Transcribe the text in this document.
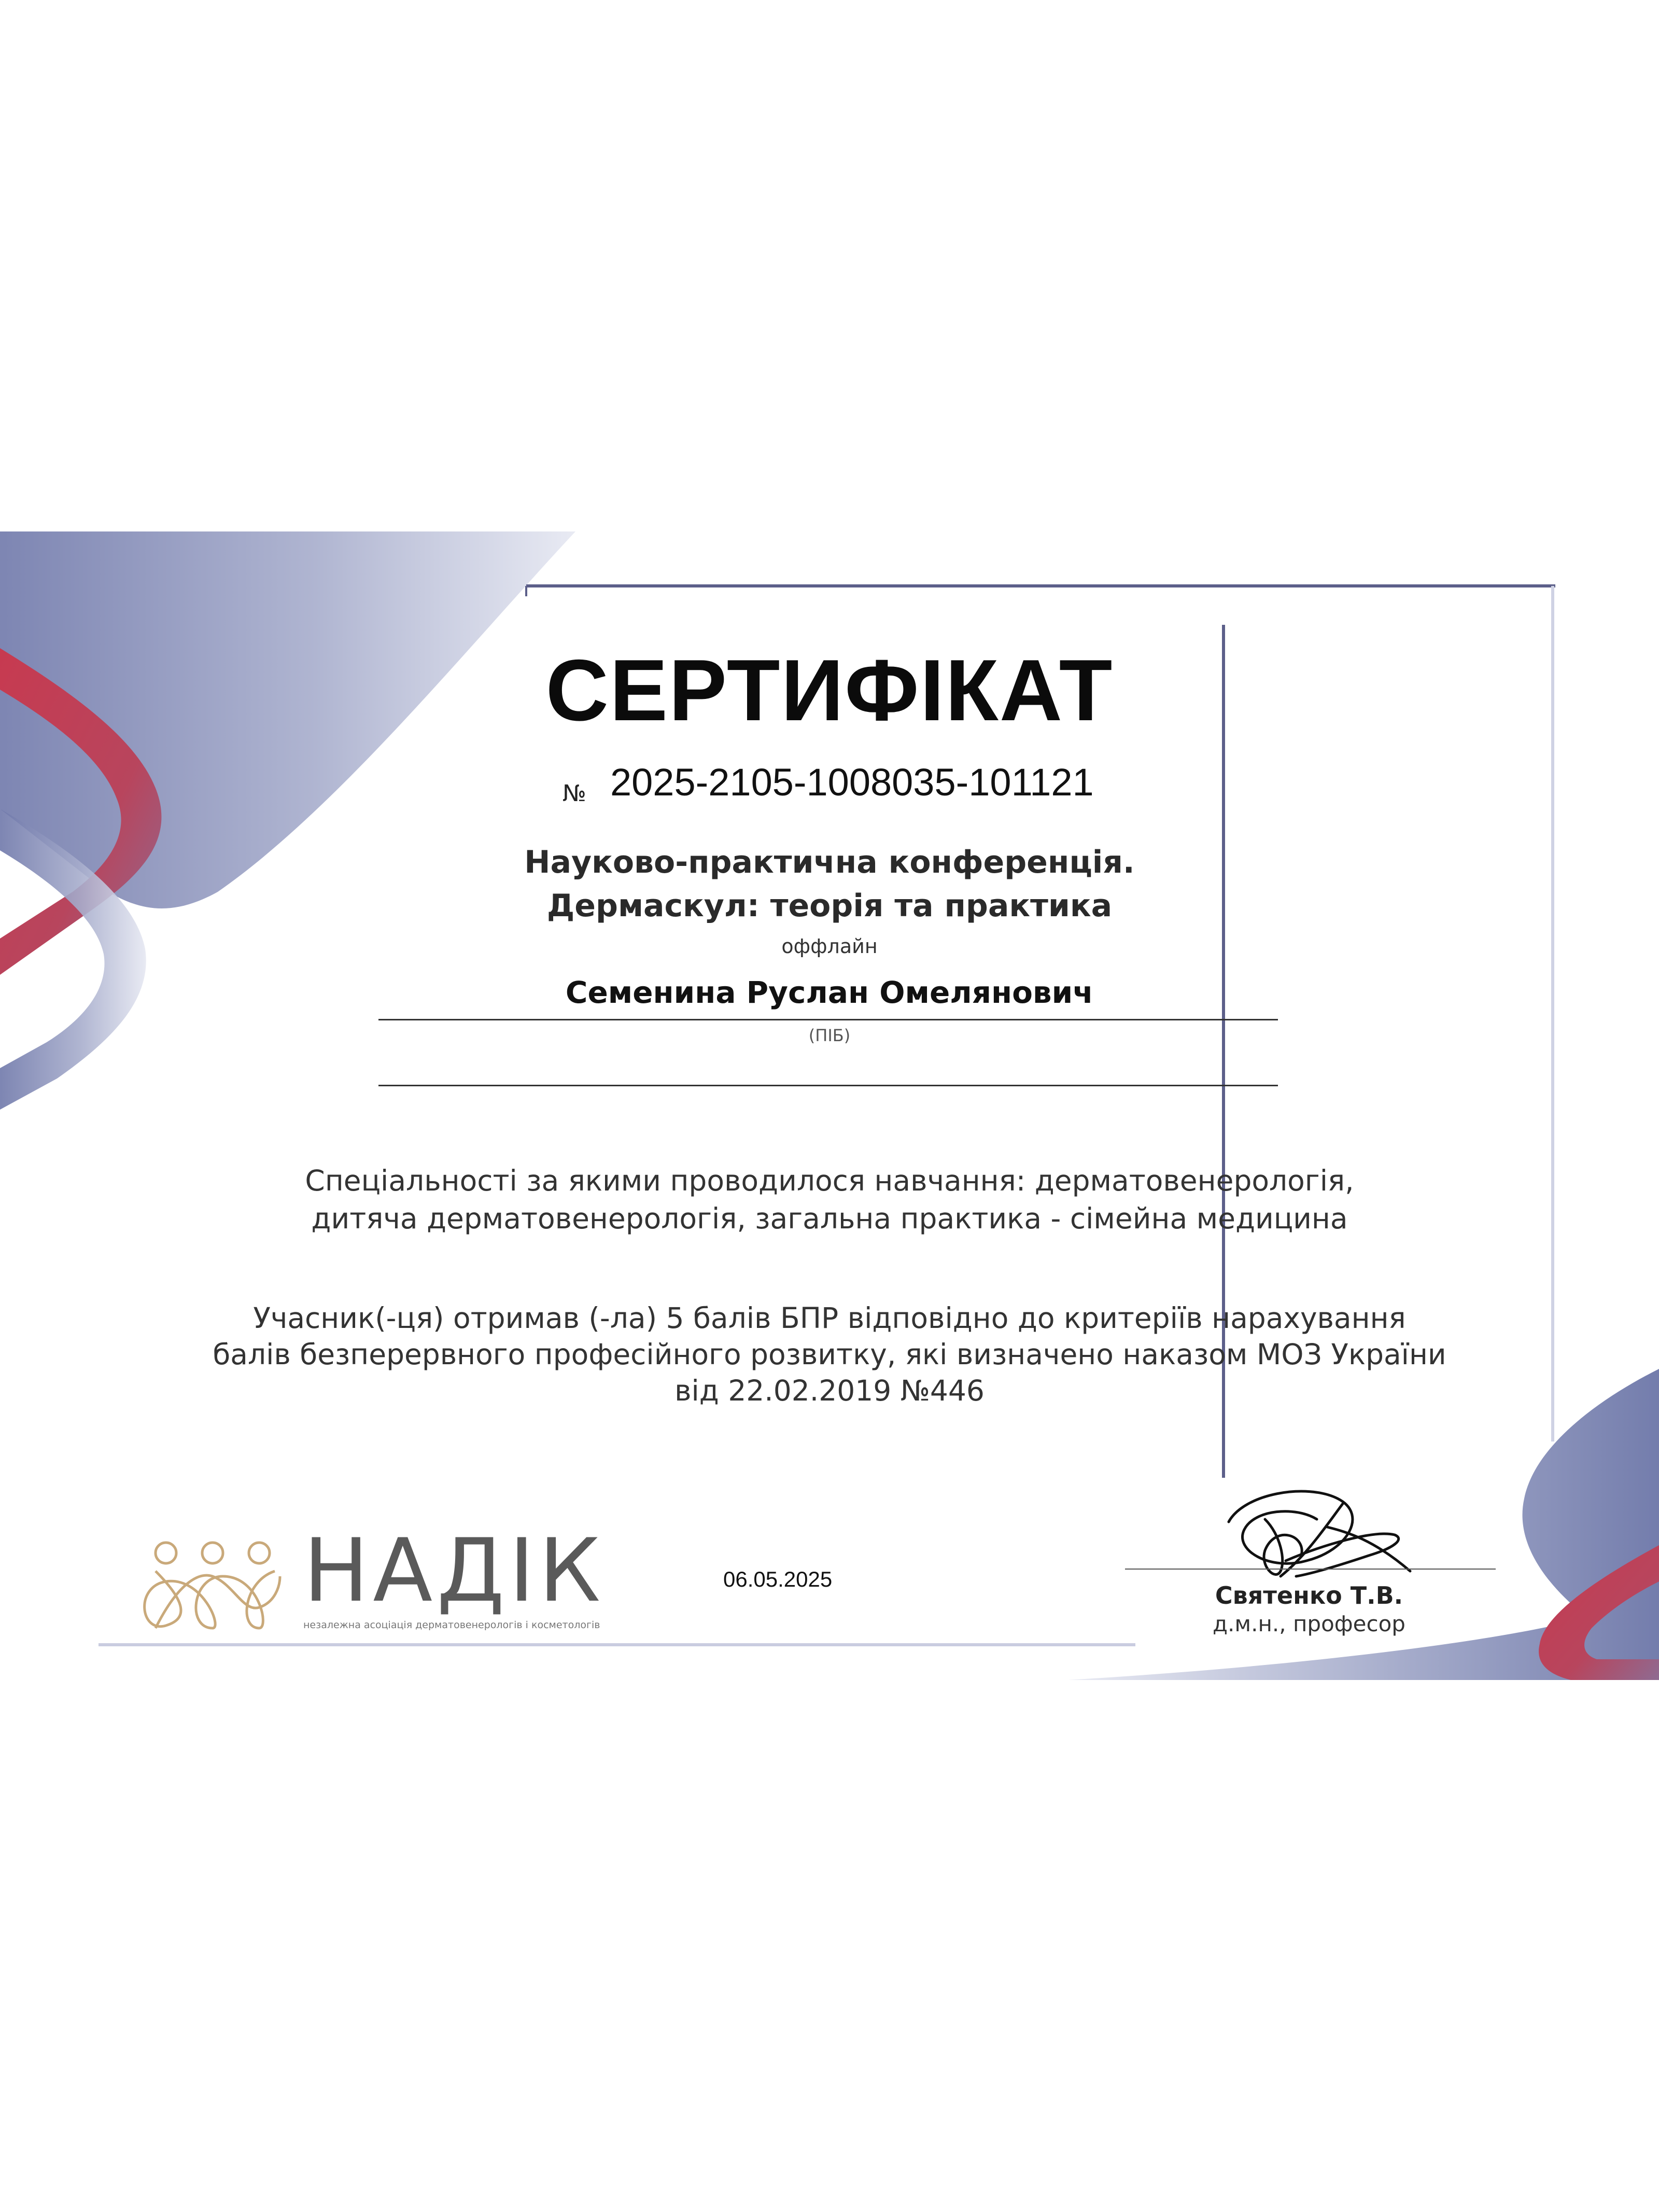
СЕРТИФІКАТ
№ 2025-2105-1008035-101121
Науково-практична конференція.
Дермаскул: теорія та практика
оффлайн
Семенина Руслан Омелянович
(ПІБ)
Спеціальності за якими проводилося навчання: дерматовенерологія,
дитяча дерматовенерологія, загальна практика - сімейна медицина
Учасник(-ця) отримав (-ла) 5 балів БПР відповідно до критеріїв нарахування
балів безперервного професійного розвитку, які визначено наказом МОЗ України
від 22.02.2019 №446
НАДІК
незалежна асоціація дерматовенерологів і косметологів
06.05.2025
Святенко Т.В.
д.м.н., професор
